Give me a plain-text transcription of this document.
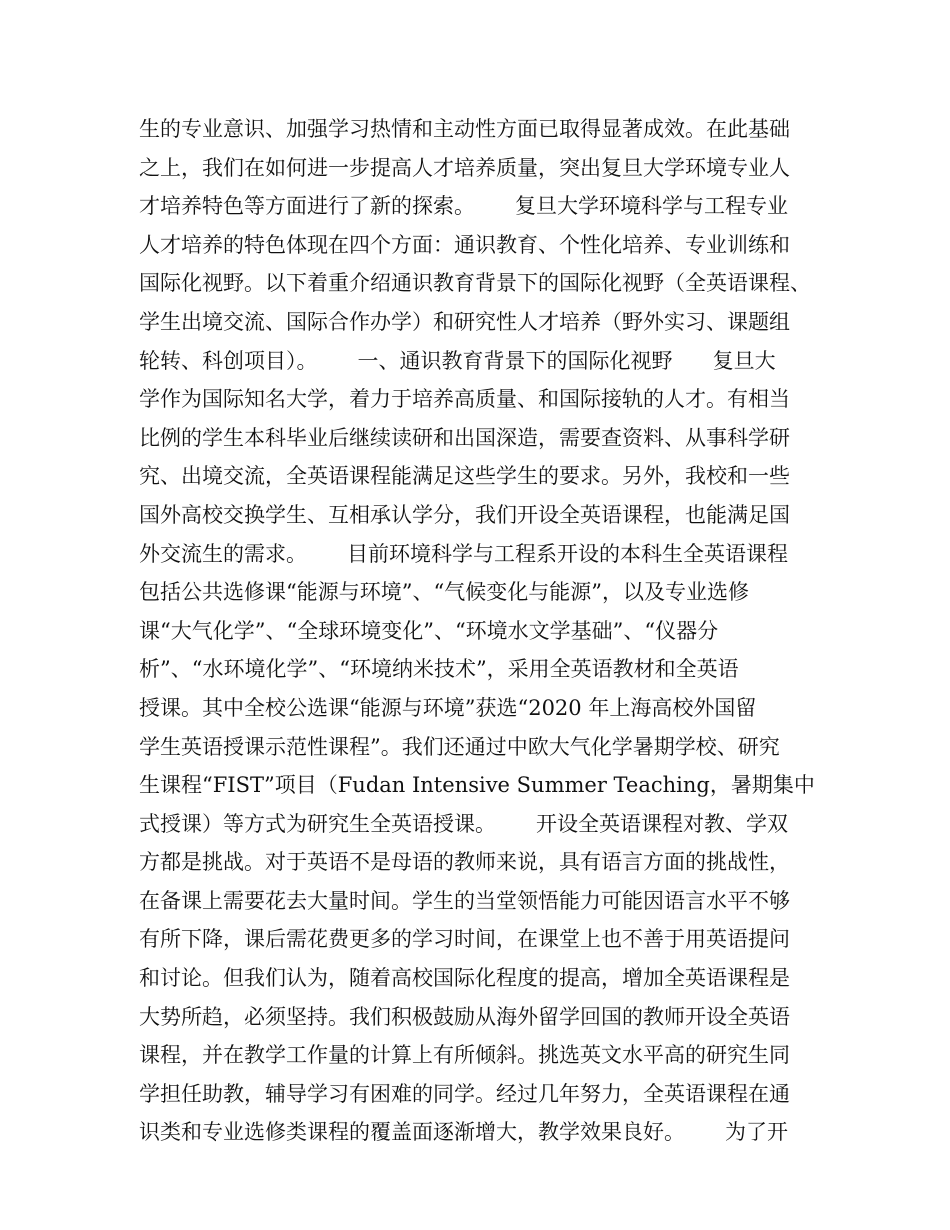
生的专业意识、加强学习热情和主动性方面已取得显著成效。在此基础
之上，我们在如何进一步提高人才培养质量，突出复旦大学环境专业人
才培养特色等方面进行了新的探索。      复旦大学环境科学与工程专业
人才培养的特色体现在四个方面：通识教育、个性化培养、专业训练和
国际化视野。以下着重介绍通识教育背景下的国际化视野（全英语课程、
学生出境交流、国际合作办学）和研究性人才培养（野外实习、课题组
轮转、科创项目）。      一、通识教育背景下的国际化视野      复旦大
学作为国际知名大学，着力于培养高质量、和国际接轨的人才。有相当
比例的学生本科毕业后继续读研和出国深造，需要查资料、从事科学研
究、出境交流，全英语课程能满足这些学生的要求。另外，我校和一些
国外高校交换学生、互相承认学分，我们开设全英语课程，也能满足国
外交流生的需求。      目前环境科学与工程系开设的本科生全英语课程
包括公共选修课“能源与环境”、“气候变化与能源”，以及专业选修
课“大气化学”、“全球环境变化”、“环境水文学基础”、“仪器分
析”、“水环境化学”、“环境纳米技术”，采用全英语教材和全英语
授课。其中全校公选课“能源与环境”获选“2020 年上海高校外国留
学生英语授课示范性课程”。我们还通过中欧大气化学暑期学校、研究
生课程“FIST”项目（Fudan Intensive Summer Teaching，暑期集中
式授课）等方式为研究生全英语授课。      开设全英语课程对教、学双
方都是挑战。对于英语不是母语的教师来说，具有语言方面的挑战性，
在备课上需要花去大量时间。学生的当堂领悟能力可能因语言水平不够
有所下降，课后需花费更多的学习时间，在课堂上也不善于用英语提问
和讨论。但我们认为，随着高校国际化程度的提高，增加全英语课程是
大势所趋，必须坚持。我们积极鼓励从海外留学回国的教师开设全英语
课程，并在教学工作量的计算上有所倾斜。挑选英文水平高的研究生同
学担任助教，辅导学习有困难的同学。经过几年努力，全英语课程在通
识类和专业选修类课程的覆盖面逐渐增大，教学效果良好。      为了开
